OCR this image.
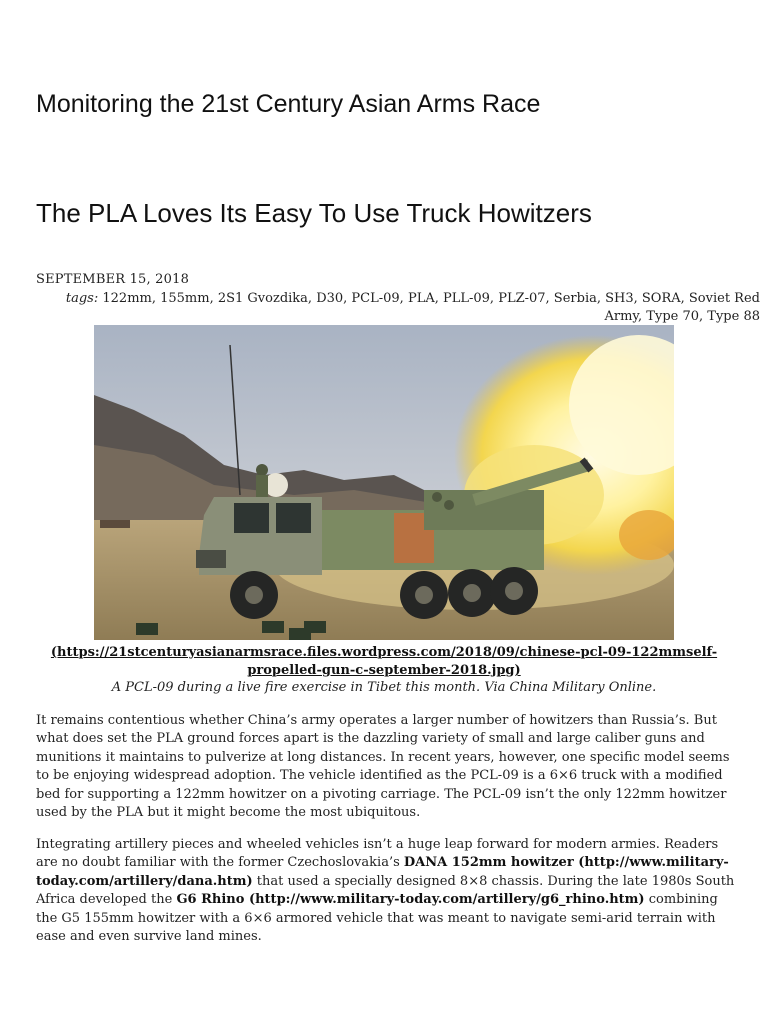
Monitoring the 21st Century Asian Arms Race
The PLA Loves Its Easy To Use Truck Howitzers
SEPTEMBER 15, 2018
tags: 122mm, 155mm, 2S1 Gvozdika, D30, PCL-09, PLA, PLL-09, PLZ-07, Serbia, SH3, SORA, Soviet Red Army, Type 70, Type 88
(https://21stcenturyasianarmsrace.files.wordpress.com/2018/09/chinese-pcl-09-122mmself-propelled-gun-c-september-2018.jpg)
A PCL-09 during a live fire exercise in Tibet this month. Via China Military Online.

It remains contentious whether China’s army operates a larger number of howitzers than Russia’s. But what does set the PLA ground forces apart is the dazzling variety of small and large caliber guns and munitions it maintains to pulverize at long distances. In recent years, however, one specific model seems to be enjoying widespread adoption. The vehicle identified as the PCL-09 is a 6×6 truck with a modified bed for supporting a 122mm howitzer on a pivoting carriage. The PCL-09 isn’t the only 122mm howitzer used by the PLA but it might become the most ubiquitous.

Integrating artillery pieces and wheeled vehicles isn’t a huge leap forward for modern armies. Readers are no doubt familiar with the former Czechoslovakia’s DANA 152mm howitzer (http://www.military-today.com/artillery/dana.htm) that used a specially designed 8×8 chassis. During the late 1980s South Africa developed the G6 Rhino (http://www.military-today.com/artillery/g6_rhino.htm) combining the G5 155mm howitzer with a 6×6 armored vehicle that was meant to navigate semi-arid terrain with ease and even survive land mines.
